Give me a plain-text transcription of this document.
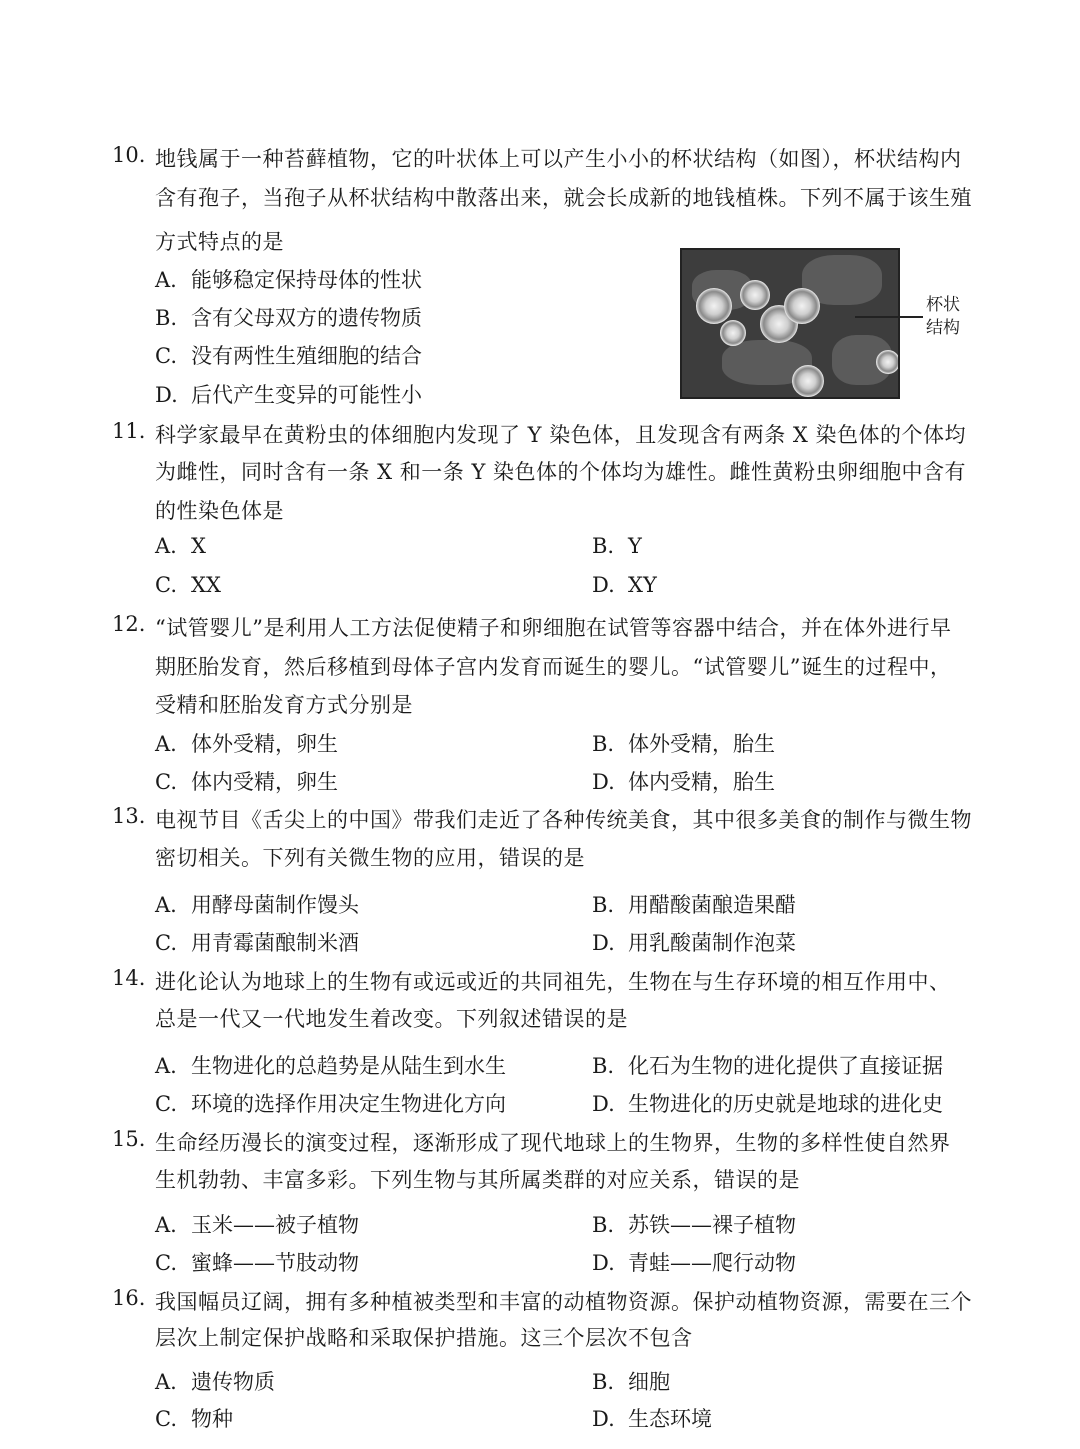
10. 地钱属于一种苔藓植物，它的叶状体上可以产生小小的杯状结构（如图），杯状结构内
含有孢子，当孢子从杯状结构中散落出来，就会长成新的地钱植株。下列不属于该生殖
方式特点的是
A. 能够稳定保持母体的性状
B. 含有父母双方的遗传物质
C. 没有两性生殖细胞的结合
D. 后代产生变异的可能性小
杯状
结构
11. 科学家最早在黄粉虫的体细胞内发现了 Y 染色体，且发现含有两条 X 染色体的个体均
为雌性，同时含有一条 X 和一条 Y 染色体的个体均为雄性。雌性黄粉虫卵细胞中含有
的性染色体是
A. X	B. Y
C. XX	D. XY
12. “试管婴儿”是利用人工方法促使精子和卵细胞在试管等容器中结合，并在体外进行早
期胚胎发育，然后移植到母体子宫内发育而诞生的婴儿。“试管婴儿”诞生的过程中，
受精和胚胎发育方式分别是
A. 体外受精，卵生	B. 体外受精，胎生
C. 体内受精，卵生	D. 体内受精，胎生
13. 电视节目《舌尖上的中国》带我们走近了各种传统美食，其中很多美食的制作与微生物
密切相关。下列有关微生物的应用，错误的是
A. 用酵母菌制作馒头	B. 用醋酸菌酿造果醋
C. 用青霉菌酿制米酒	D. 用乳酸菌制作泡菜
14. 进化论认为地球上的生物有或远或近的共同祖先，生物在与生存环境的相互作用中、
总是一代又一代地发生着改变。下列叙述错误的是
A. 生物进化的总趋势是从陆生到水生	B. 化石为生物的进化提供了直接证据
C. 环境的选择作用决定生物进化方向	D. 生物进化的历史就是地球的进化史
15. 生命经历漫长的演变过程，逐渐形成了现代地球上的生物界，生物的多样性使自然界
生机勃勃、丰富多彩。下列生物与其所属类群的对应关系，错误的是
A. 玉米——被子植物	B. 苏铁——裸子植物
C. 蜜蜂——节肢动物	D. 青蛙——爬行动物
16. 我国幅员辽阔，拥有多种植被类型和丰富的动植物资源。保护动植物资源，需要在三个
层次上制定保护战略和采取保护措施。这三个层次不包含
A. 遗传物质	B. 细胞
C. 物种	D. 生态环境
